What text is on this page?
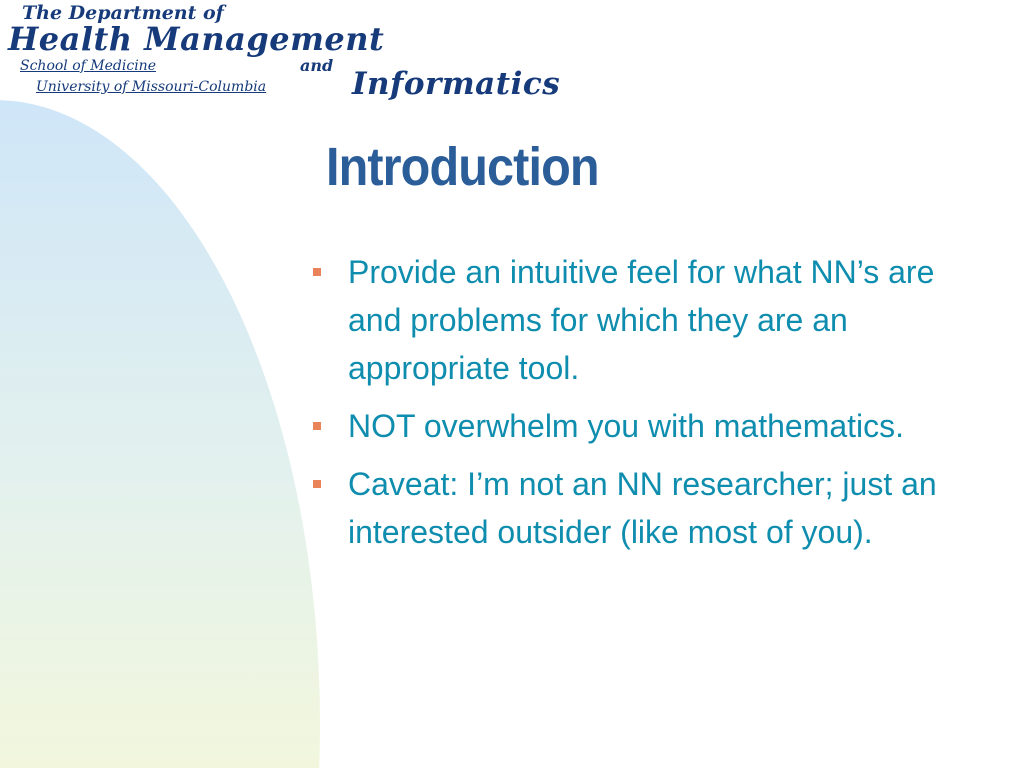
The Department of
Health Management
School of Medicine	and
University of Missouri-Columbia	Informatics
Introduction
Provide an intuitive feel for what NN’s are and problems for which they are an appropriate tool.
NOT overwhelm you with mathematics.
Caveat: I’m not an NN researcher; just an interested outsider (like most of you).
